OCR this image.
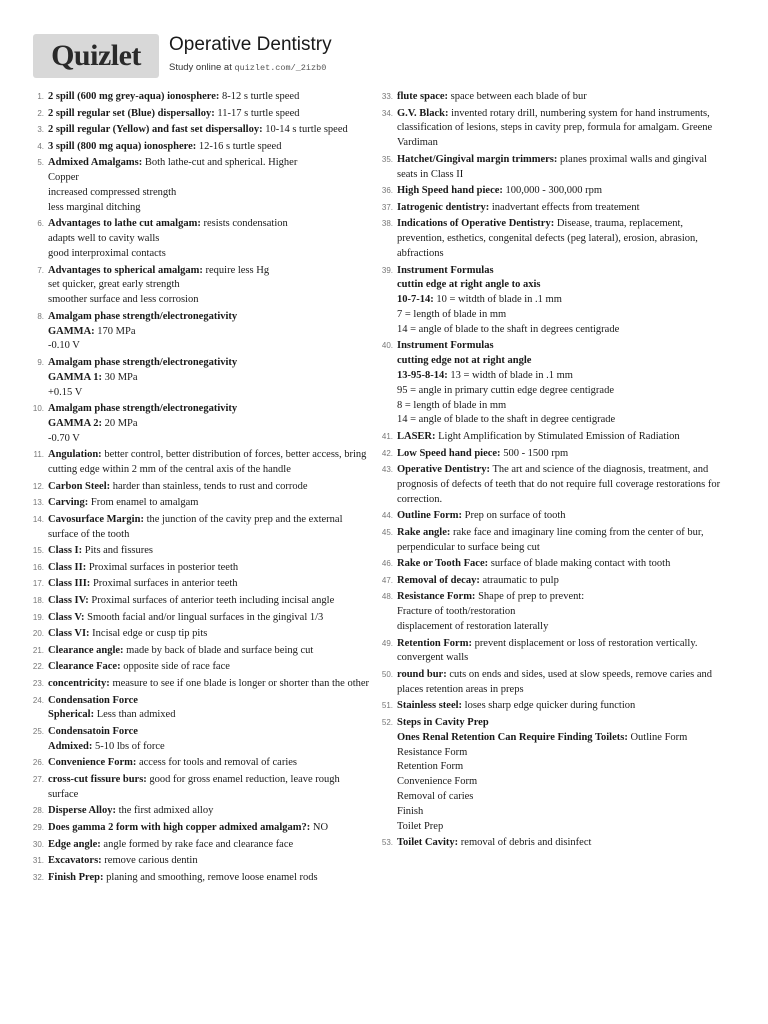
Quizlet Operative Dentistry
Study online at quizlet.com/_2izb0
1. 2 spill (600 mg grey-aqua) ionosphere: 8-12 s turtle speed
2. 2 spill regular set (Blue) dispersalloy: 11-17 s turtle speed
3. 2 spill regular (Yellow) and fast set dispersalloy: 10-14 s turtle speed
4. 3 spill (800 mg aqua) ionosphere: 12-16 s turtle speed
5. Admixed Amalgams: Both lathe-cut and spherical. Higher
Copper
increased compressed strength
less marginal ditching
6. Advantages to lathe cut amalgam: resists condensation
adapts well to cavity walls
good interproximal contacts
7. Advantages to spherical amalgam: require less Hg
set quicker, great early strength
smoother surface and less corrosion
8. Amalgam phase strength/electronegativity
GAMMA: 170 MPa
-0.10 V
9. Amalgam phase strength/electronegativity
GAMMA 1: 30 MPa
+0.15 V
10. Amalgam phase strength/electronegativity
GAMMA 2: 20 MPa
-0.70 V
11. Angulation: better control, better distribution of forces, better access, bring cutting edge within 2 mm of the central axis of the handle
12. Carbon Steel: harder than stainless, tends to rust and corrode
13. Carving: From enamel to amalgam
14. Cavosurface Margin: the junction of the cavity prep and the external surface of the tooth
15. Class I: Pits and fissures
16. Class II: Proximal surfaces in posterior teeth
17. Class III: Proximal surfaces in anterior teeth
18. Class IV: Proximal surfaces of anterior teeth including incisal angle
19. Class V: Smooth facial and/or lingual surfaces in the gingival 1/3
20. Class VI: Incisal edge or cusp tip pits
21. Clearance angle: made by back of blade and surface being cut
22. Clearance Face: opposite side of race face
23. concentricity: measure to see if one blade is longer or shorter than the other
24. Condensation Force
Spherical: Less than admixed
25. Condensatoin Force
Admixed: 5-10 lbs of force
26. Convenience Form: access for tools and removal of caries
27. cross-cut fissure burs: good for gross enamel reduction, leave rough surface
28. Disperse Alloy: the first admixed alloy
29. Does gamma 2 form with high copper admixed amalgam?: NO
30. Edge angle: angle formed by rake face and clearance face
31. Excavators: remove carious dentin
32. Finish Prep: planing and smoothing, remove loose enamel rods
33. flute space: space between each blade of bur
34. G.V. Black: invented rotary drill, numbering system for hand instruments, classification of lesions, steps in cavity prep, formula for amalgam. Greene Vardiman
35. Hatchet/Gingival margin trimmers: planes proximal walls and gingival seats in Class II
36. High Speed hand piece: 100,000 - 300,000 rpm
37. Iatrogenic dentistry: inadvertant effects from treatement
38. Indications of Operative Dentistry: Disease, trauma, replacement, prevention, esthetics, congenital defects (peg lateral), erosion, abrasion, abfractions
39. Instrument Formulas
cuttin edge at right angle to axis
10-7-14: 10 = witdth of blade in .1 mm
7 = length of blade in mm
14 = angle of blade to the shaft in degrees centigrade
40. Instrument Formulas
cutting edge not at right angle
13-95-8-14: 13 = width of blade in .1 mm
95 = angle in primary cuttin edge degree centigrade
8 = length of blade in mm
14 = angle of blade to the shaft in degree centigrade
41. LASER: Light Amplification by Stimulated Emission of Radiation
42. Low Speed hand piece: 500 - 1500 rpm
43. Operative Dentistry: The art and science of the diagnosis, treatment, and prognosis of defects of teeth that do not require full coverage restorations for correction.
44. Outline Form: Prep on surface of tooth
45. Rake angle: rake face and imaginary line coming from the center of bur, perpendicular to surface being cut
46. Rake or Tooth Face: surface of blade making contact with tooth
47. Removal of decay: atraumatic to pulp
48. Resistance Form: Shape of prep to prevent:
Fracture of tooth/restoration
displacement of restoration laterally
49. Retention Form: prevent displacement or loss of restoration vertically. convergent walls
50. round bur: cuts on ends and sides, used at slow speeds, remove caries and places retention areas in preps
51. Stainless steel: loses sharp edge quicker during function
52. Steps in Cavity Prep
Ones Renal Retention Can Require Finding Toilets: Outline Form
Resistance Form
Retention Form
Convenience Form
Removal of caries
Finish
Toilet Prep
53. Toilet Cavity: removal of debris and disinfect
